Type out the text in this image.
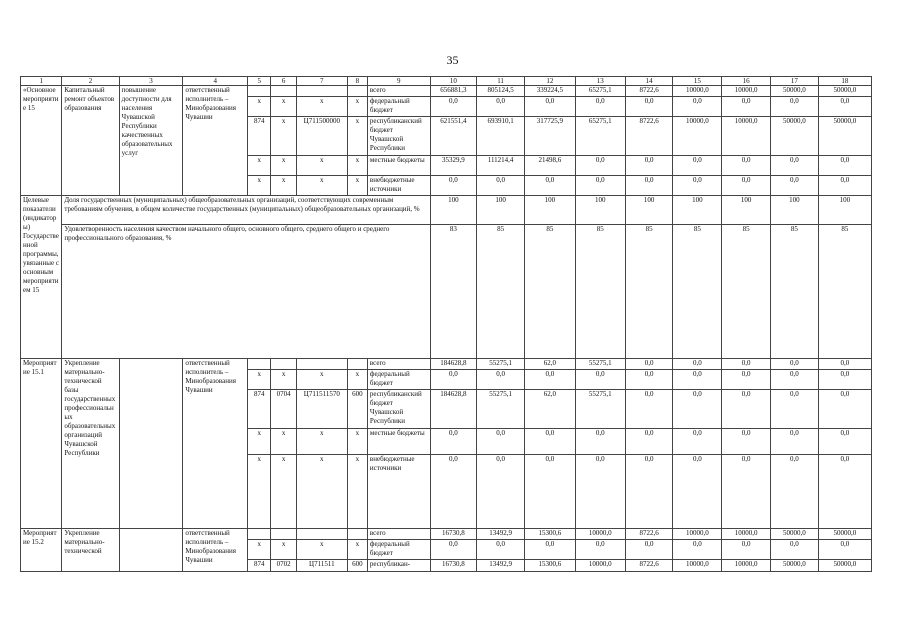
35
1	2	3	4	5	6	7	8	9	10	11	12	13	14	15	16	17	18
«Основное мероприятие 15	Капитальный ремонт объектов образования	повышение доступности для населения Чувашской Республики качественных образовательных услуг	ответственный исполнитель – Минобразования Чувашии					всего	656881,3	805124,5	339224,5	65275,1	8722,6	10000,0	10000,0	50000,0	50000,0
				x	x	x	x	федеральный бюджет	0,0	0,0	0,0	0,0	0,0	0,0	0,0	0,0	0,0
				874	x	Ц711500000	x	республиканский бюджет Чувашской Республики	621551,4	693910,1	317725,9	65275,1	8722,6	10000,0	10000,0	50000,0	50000,0
				x	x	x	x	местные бюджеты	35329,9	111214,4	21498,6	0,0	0,0	0,0	0,0	0,0	0,0
				x	x	x	x	внебюджетные источники	0,0	0,0	0,0	0,0	0,0	0,0	0,0	0,0	0,0
Целевые показатели (индикаторы) Государственной программы, увязанные с основным мероприятием 15	Доля государственных (муниципальных) общеобразовательных организаций, соответствующих современным требованиям обучения, в общем количестве государственных (муниципальных) общеобразовательных организаций, %								100	100	100	100	100	100	100	100	100
	Удовлетворенность населения качеством начального общего, основного общего, среднего общего и среднего профессионального образования, %								83	85	85	85	85	85	85	85	85
Мероприятие 15.1	Укрепление материально-технической базы государственных профессиональных образовательных организаций Чувашской Республики		ответственный исполнитель – Минобразования Чувашии					всего	184628,8	55275,1	62,0	55275,1	0,0	0,0	0,0	0,0	0,0
				x	x	x	x	федеральный бюджет	0,0	0,0	0,0	0,0	0,0	0,0	0,0	0,0	0,0
				874	0704	Ц711511570	600	республиканский бюджет Чувашской Республики	184628,8	55275,1	62,0	55275,1	0,0	0,0	0,0	0,0	0,0
				x	x	x	x	местные бюджеты	0,0	0,0	0,0	0,0	0,0	0,0	0,0	0,0	0,0
				x	x	x	x	внебюджетные источники	0,0	0,0	0,0	0,0	0,0	0,0	0,0	0,0	0,0
Мероприятие 15.2	Укрепление материально-технической		ответственный исполнитель – Минобразования Чувашии					всего	16730,8	13492,9	15300,6	10000,0	8722,6	10000,0	10000,0	50000,0	50000,0
				x	x	x	x	федеральный бюджет	0,0	0,0	0,0	0,0	0,0	0,0	0,0	0,0	0,0
				874	0702	Ц711511	600	республикан-	16730,8	13492,9	15300,6	10000,0	8722,6	10000,0	10000,0	50000,0	50000,0
